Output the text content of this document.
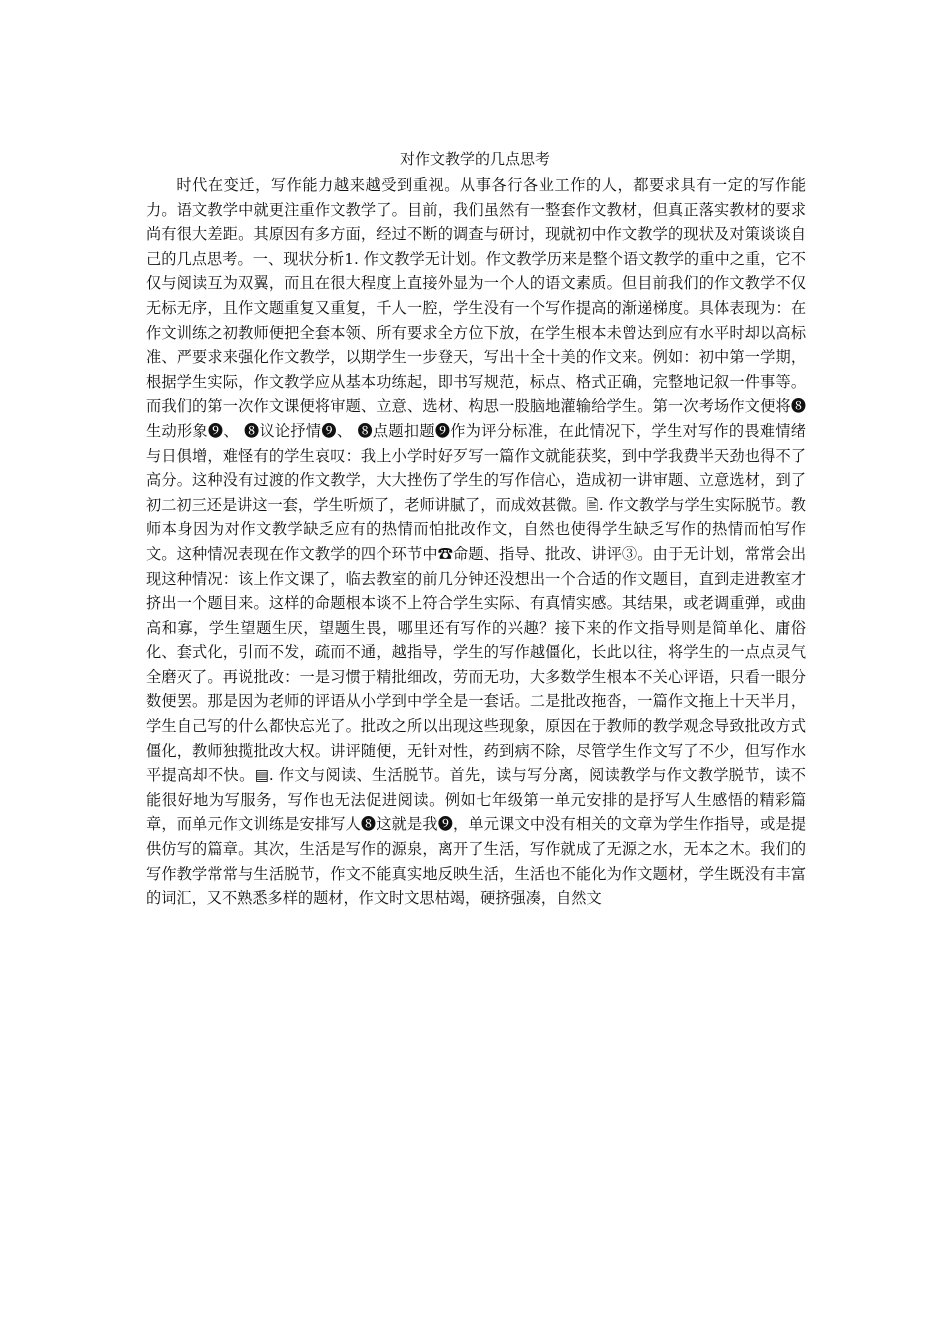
对作文教学的几点思考

时代在变迁，写作能力越来越受到重视。从事各行各业工作的人，都要求具有一定的写作能力。语文教学中就更注重作文教学了。目前，我们虽然有一整套作文教材，但真正落实教材的要求尚有很大差距。其原因有多方面，经过不断的调查与研讨，现就初中作文教学的现状及对策谈谈自己的几点思考。一、现状分析1. 作文教学无计划。作文教学历来是整个语文教学的重中之重，它不仅与阅读互为双翼，而且在很大程度上直接外显为一个人的语文素质。但目前我们的作文教学不仅无标无序，且作文题重复又重复，千人一腔，学生没有一个写作提高的渐递梯度。具体表现为：在作文训练之初教师便把全套本领、所有要求全方位下放，在学生根本未曾达到应有水平时却以高标准、严要求来强化作文教学，以期学生一步登天，写出十全十美的作文来。例如：初中第一学期，根据学生实际，作文教学应从基本功练起，即书写规范，标点、格式正确，完整地记叙一件事等。而我们的第一次作文课便将审题、立意、选材、构思一股脑地灌输给学生。第一次考场作文便将❽生动形象❾、 ❽议论抒情❾、 ❽点题扣题❾作为评分标准，在此情况下，学生对写作的畏难情绪与日俱增，难怪有的学生哀叹：我上小学时好歹写一篇作文就能获奖，到中学我费半天劲也得不了高分。这种没有过渡的作文教学，大大挫伤了学生的写作信心，造成初一讲审题、立意选材，到了初二初三还是讲这一套，学生听烦了，老师讲腻了，而成效甚微。🖹. 作文教学与学生实际脱节。教师本身因为对作文教学缺乏应有的热情而怕批改作文，自然也使得学生缺乏写作的热情而怕写作文。这种情况表现在作文教学的四个环节中☎命题、指导、批改、讲评➂。由于无计划，常常会出现这种情况：该上作文课了，临去教室的前几分钟还没想出一个合适的作文题目，直到走进教室才挤出一个题目来。这样的命题根本谈不上符合学生实际、有真情实感。其结果，或老调重弹，或曲高和寡，学生望题生厌，望题生畏，哪里还有写作的兴趣？接下来的作文指导则是简单化、庸俗化、套式化，引而不发，疏而不通，越指导，学生的写作越僵化，长此以往，将学生的一点点灵气全磨灭了。再说批改：一是习惯于精批细改，劳而无功，大多数学生根本不关心评语，只看一眼分数便罢。那是因为老师的评语从小学到中学全是一套话。二是批改拖沓，一篇作文拖上十天半月，学生自己写的什么都快忘光了。批改之所以出现这些现象，原因在于教师的教学观念导致批改方式僵化，教师独揽批改大权。讲评随便，无针对性，药到病不除，尽管学生作文写了不少，但写作水平提高却不快。▤. 作文与阅读、生活脱节。首先，读与写分离，阅读教学与作文教学脱节，读不能很好地为写服务，写作也无法促进阅读。例如七年级第一单元安排的是抒写人生感悟的精彩篇章，而单元作文训练是安排写人❽这就是我❾，单元课文中没有相关的文章为学生作指导，或是提供仿写的篇章。其次，生活是写作的源泉，离开了生活，写作就成了无源之水，无本之木。我们的写作教学常常与生活脱节，作文不能真实地反映生活，生活也不能化为作文题材，学生既没有丰富的词汇，又不熟悉多样的题材，作文时文思枯竭，硬挤强凑，自然文
